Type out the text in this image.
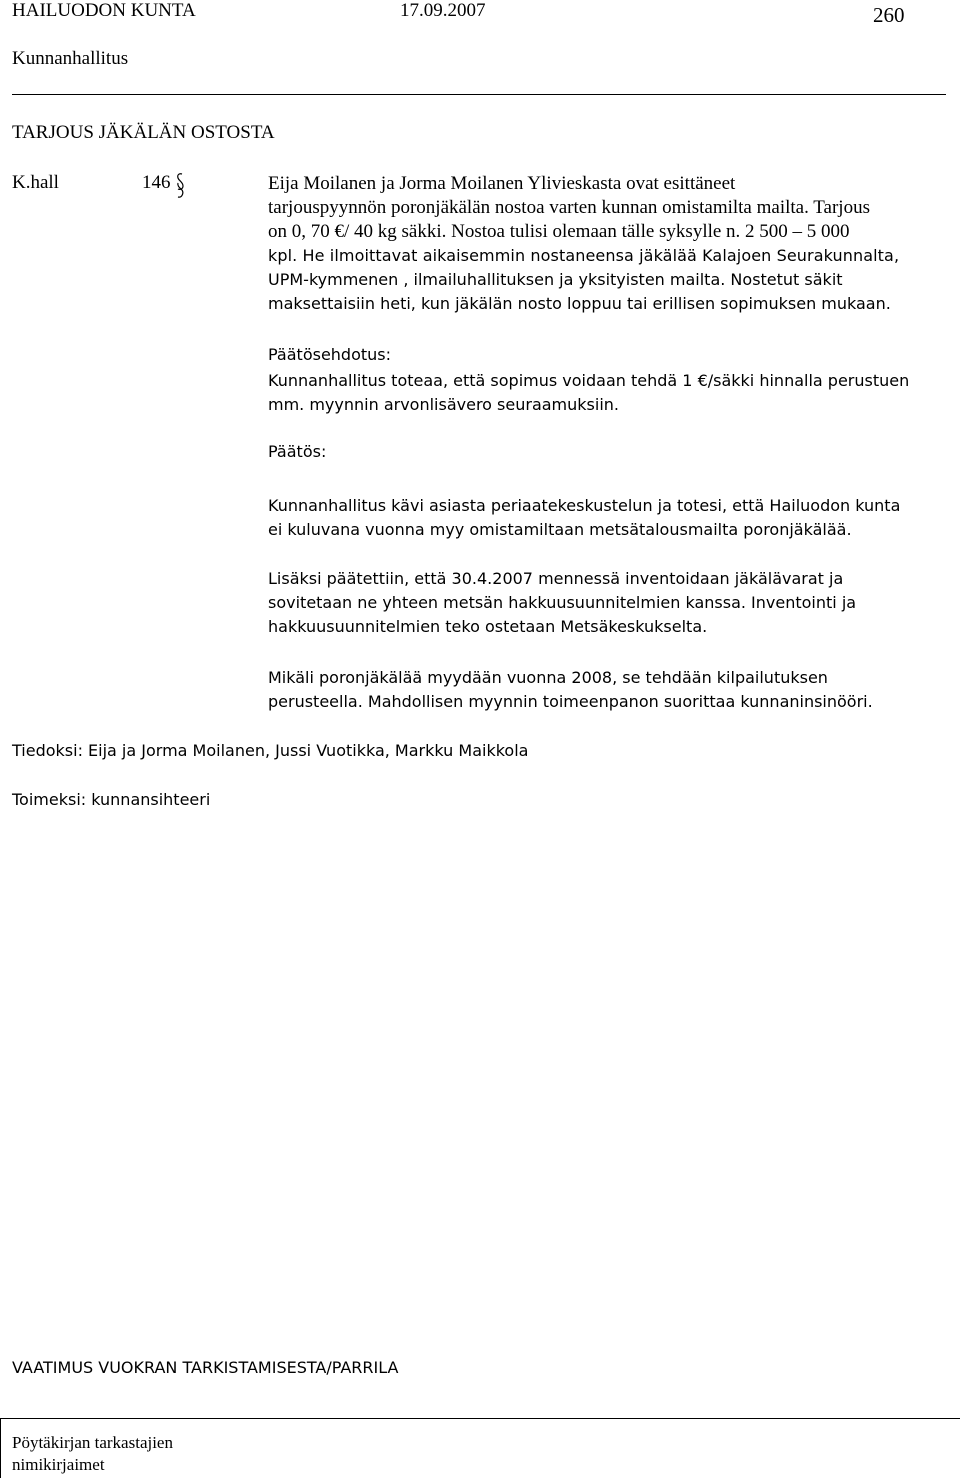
HAILUODON KUNTA	17.09.2007	260
Kunnanhallitus
TARJOUS JÄKÄLÄN OSTOSTA
K.hall	146	Eija Moilanen ja Jorma Moilanen Ylivieskasta ovat esittäneet
tarjouspyynnön poronjäkälän nostoa varten kunnan omistamilta mailta. Tarjous
on 0, 70 €/ 40 kg säkki. Nostoa tulisi olemaan tälle syksylle n. 2 500 – 5 000
kpl. He ilmoittavat aikaisemmin nostaneensa jäkälää Kalajoen Seurakunnalta,
UPM-kymmenen , ilmailuhallituksen ja yksityisten mailta. Nostetut säkit
maksettaisiin heti, kun jäkälän nosto loppuu tai erillisen sopimuksen mukaan.
Päätösehdotus:
Kunnanhallitus toteaa, että sopimus voidaan tehdä 1 €/säkki hinnalla perustuen
mm. myynnin arvonlisävero seuraamuksiin.
Päätös:
Kunnanhallitus kävi asiasta periaatekeskustelun ja totesi, että Hailuodon kunta
ei kuluvana vuonna myy omistamiltaan metsätalousmailta poronjäkälää.
Lisäksi päätettiin, että 30.4.2007 mennessä inventoidaan jäkälävarat ja
sovitetaan ne yhteen metsän hakkuusuunnitelmien kanssa. Inventointi ja
hakkuusuunnitelmien teko ostetaan Metsäkeskukselta.
Mikäli poronjäkälää myydään vuonna 2008, se tehdään kilpailutuksen
perusteella. Mahdollisen myynnin toimeenpanon suorittaa kunnaninsinööri.
Tiedoksi: Eija ja Jorma Moilanen, Jussi Vuotikka, Markku Maikkola
Toimeksi: kunnansihteeri
VAATIMUS VUOKRAN TARKISTAMISESTA/PARRILA
Pöytäkirjan tarkastajien
nimikirjaimet
